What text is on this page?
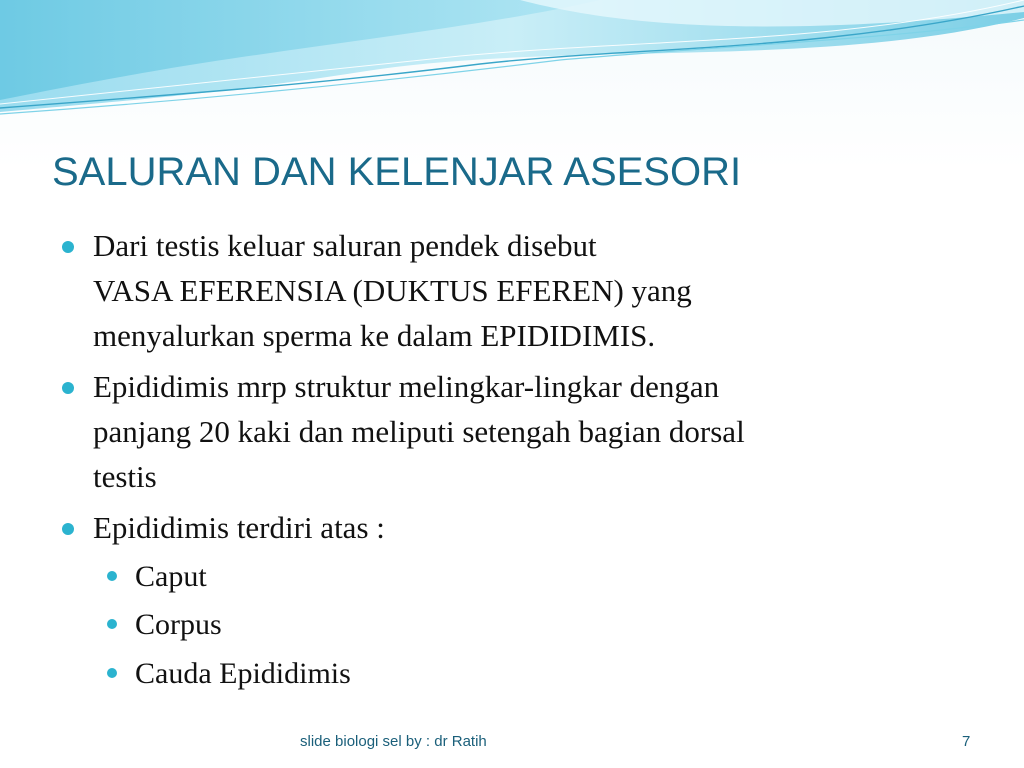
SALURAN DAN KELENJAR ASESORI
Dari testis keluar saluran pendek disebut
VASA EFERENSIA (DUKTUS EFEREN) yang
menyalurkan sperma ke dalam EPIDIDIMIS.
Epididimis mrp struktur melingkar-lingkar dengan
panjang 20 kaki dan meliputi setengah bagian dorsal
testis
Epididimis terdiri atas :
Caput
Corpus
Cauda Epididimis
slide biologi sel by : dr Ratih	7
